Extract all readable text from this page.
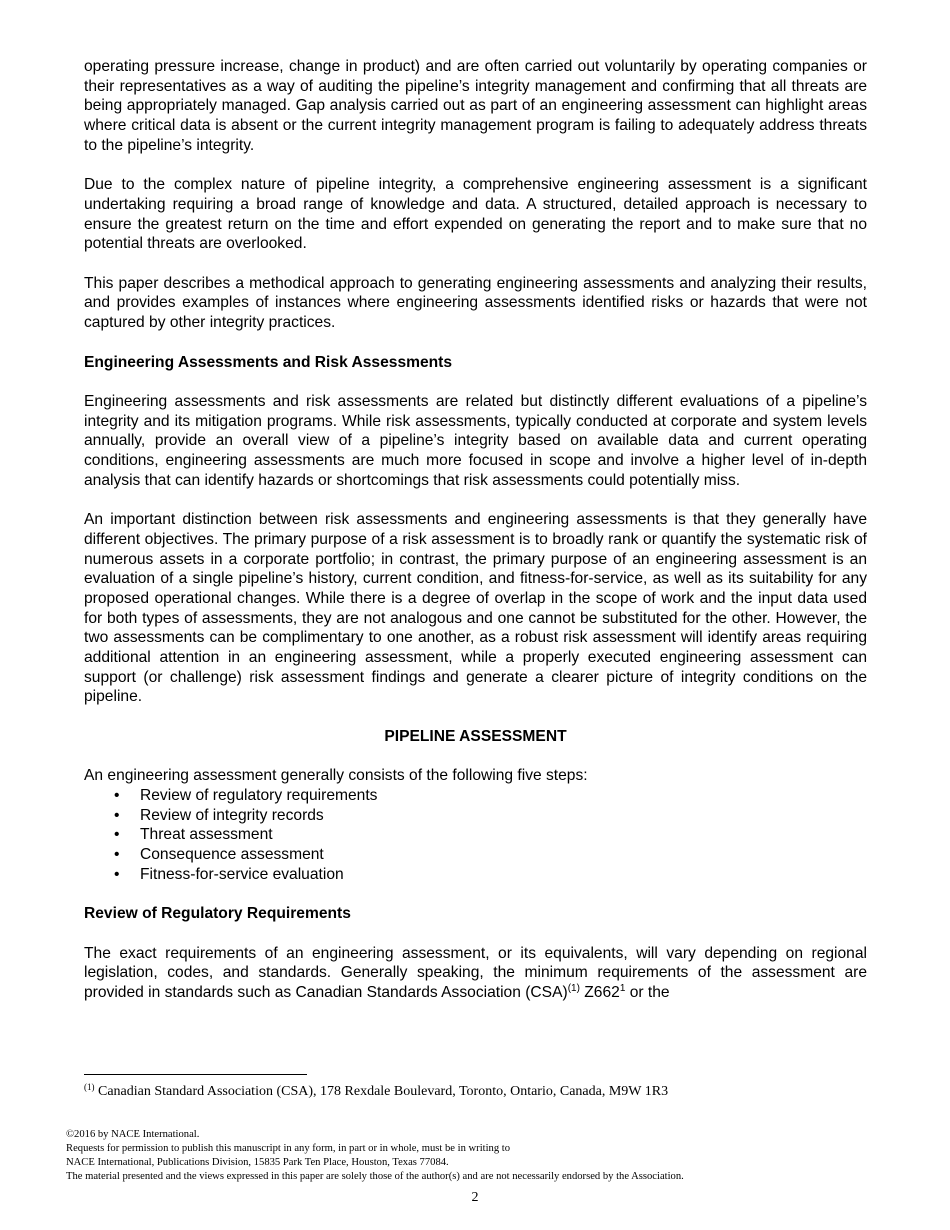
operating pressure increase, change in product) and are often carried out voluntarily by operating companies or their representatives as a way of auditing the pipeline’s integrity management and confirming that all threats are being appropriately managed. Gap analysis carried out as part of an engineering assessment can highlight areas where critical data is absent or the current integrity management program is failing to adequately address threats to the pipeline’s integrity.

Due to the complex nature of pipeline integrity, a comprehensive engineering assessment is a significant undertaking requiring a broad range of knowledge and data. A structured, detailed approach is necessary to ensure the greatest return on the time and effort expended on generating the report and to make sure that no potential threats are overlooked.

This paper describes a methodical approach to generating engineering assessments and analyzing their results, and provides examples of instances where engineering assessments identified risks or hazards that were not captured by other integrity practices.

Engineering Assessments and Risk Assessments

Engineering assessments and risk assessments are related but distinctly different evaluations of a pipeline’s integrity and its mitigation programs. While risk assessments, typically conducted at corporate and system levels annually, provide an overall view of a pipeline’s integrity based on available data and current operating conditions, engineering assessments are much more focused in scope and involve a higher level of in-depth analysis that can identify hazards or shortcomings that risk assessments could potentially miss.

An important distinction between risk assessments and engineering assessments is that they generally have different objectives. The primary purpose of a risk assessment is to broadly rank or quantify the systematic risk of numerous assets in a corporate portfolio; in contrast, the primary purpose of an engineering assessment is an evaluation of a single pipeline’s history, current condition, and fitness-for-service, as well as its suitability for any proposed operational changes. While there is a degree of overlap in the scope of work and the input data used for both types of assessments, they are not analogous and one cannot be substituted for the other. However, the two assessments can be complimentary to one another, as a robust risk assessment will identify areas requiring additional attention in an engineering assessment, while a properly executed engineering assessment can support (or challenge) risk assessment findings and generate a clearer picture of integrity conditions on the pipeline.

PIPELINE ASSESSMENT

An engineering assessment generally consists of the following five steps:

• Review of regulatory requirements
• Review of integrity records
• Threat assessment
• Consequence assessment
• Fitness-for-service evaluation
Review of Regulatory Requirements

The exact requirements of an engineering assessment, or its equivalents, will vary depending on regional legislation, codes, and standards. Generally speaking, the minimum requirements of the assessment are provided in standards such as Canadian Standards Association (CSA)$^{(1)}$ $Z662^1$ or the

$^{(1)}$ Canadian Standard Association (CSA), 178 Rexdale Boulevard, Toronto, Ontario, Canada, M9W 1R3
©2016 by NACE International.
Requests for permission to publish this manuscript in any form, in part or in whole, must be in writing to
NACE International, Publications Division, 15835 Park Ten Place, Houston, Texas 77084.
The material presented and the views expressed in this paper are solely those of the author(s) and are not necessarily endorsed by the Association.
2
